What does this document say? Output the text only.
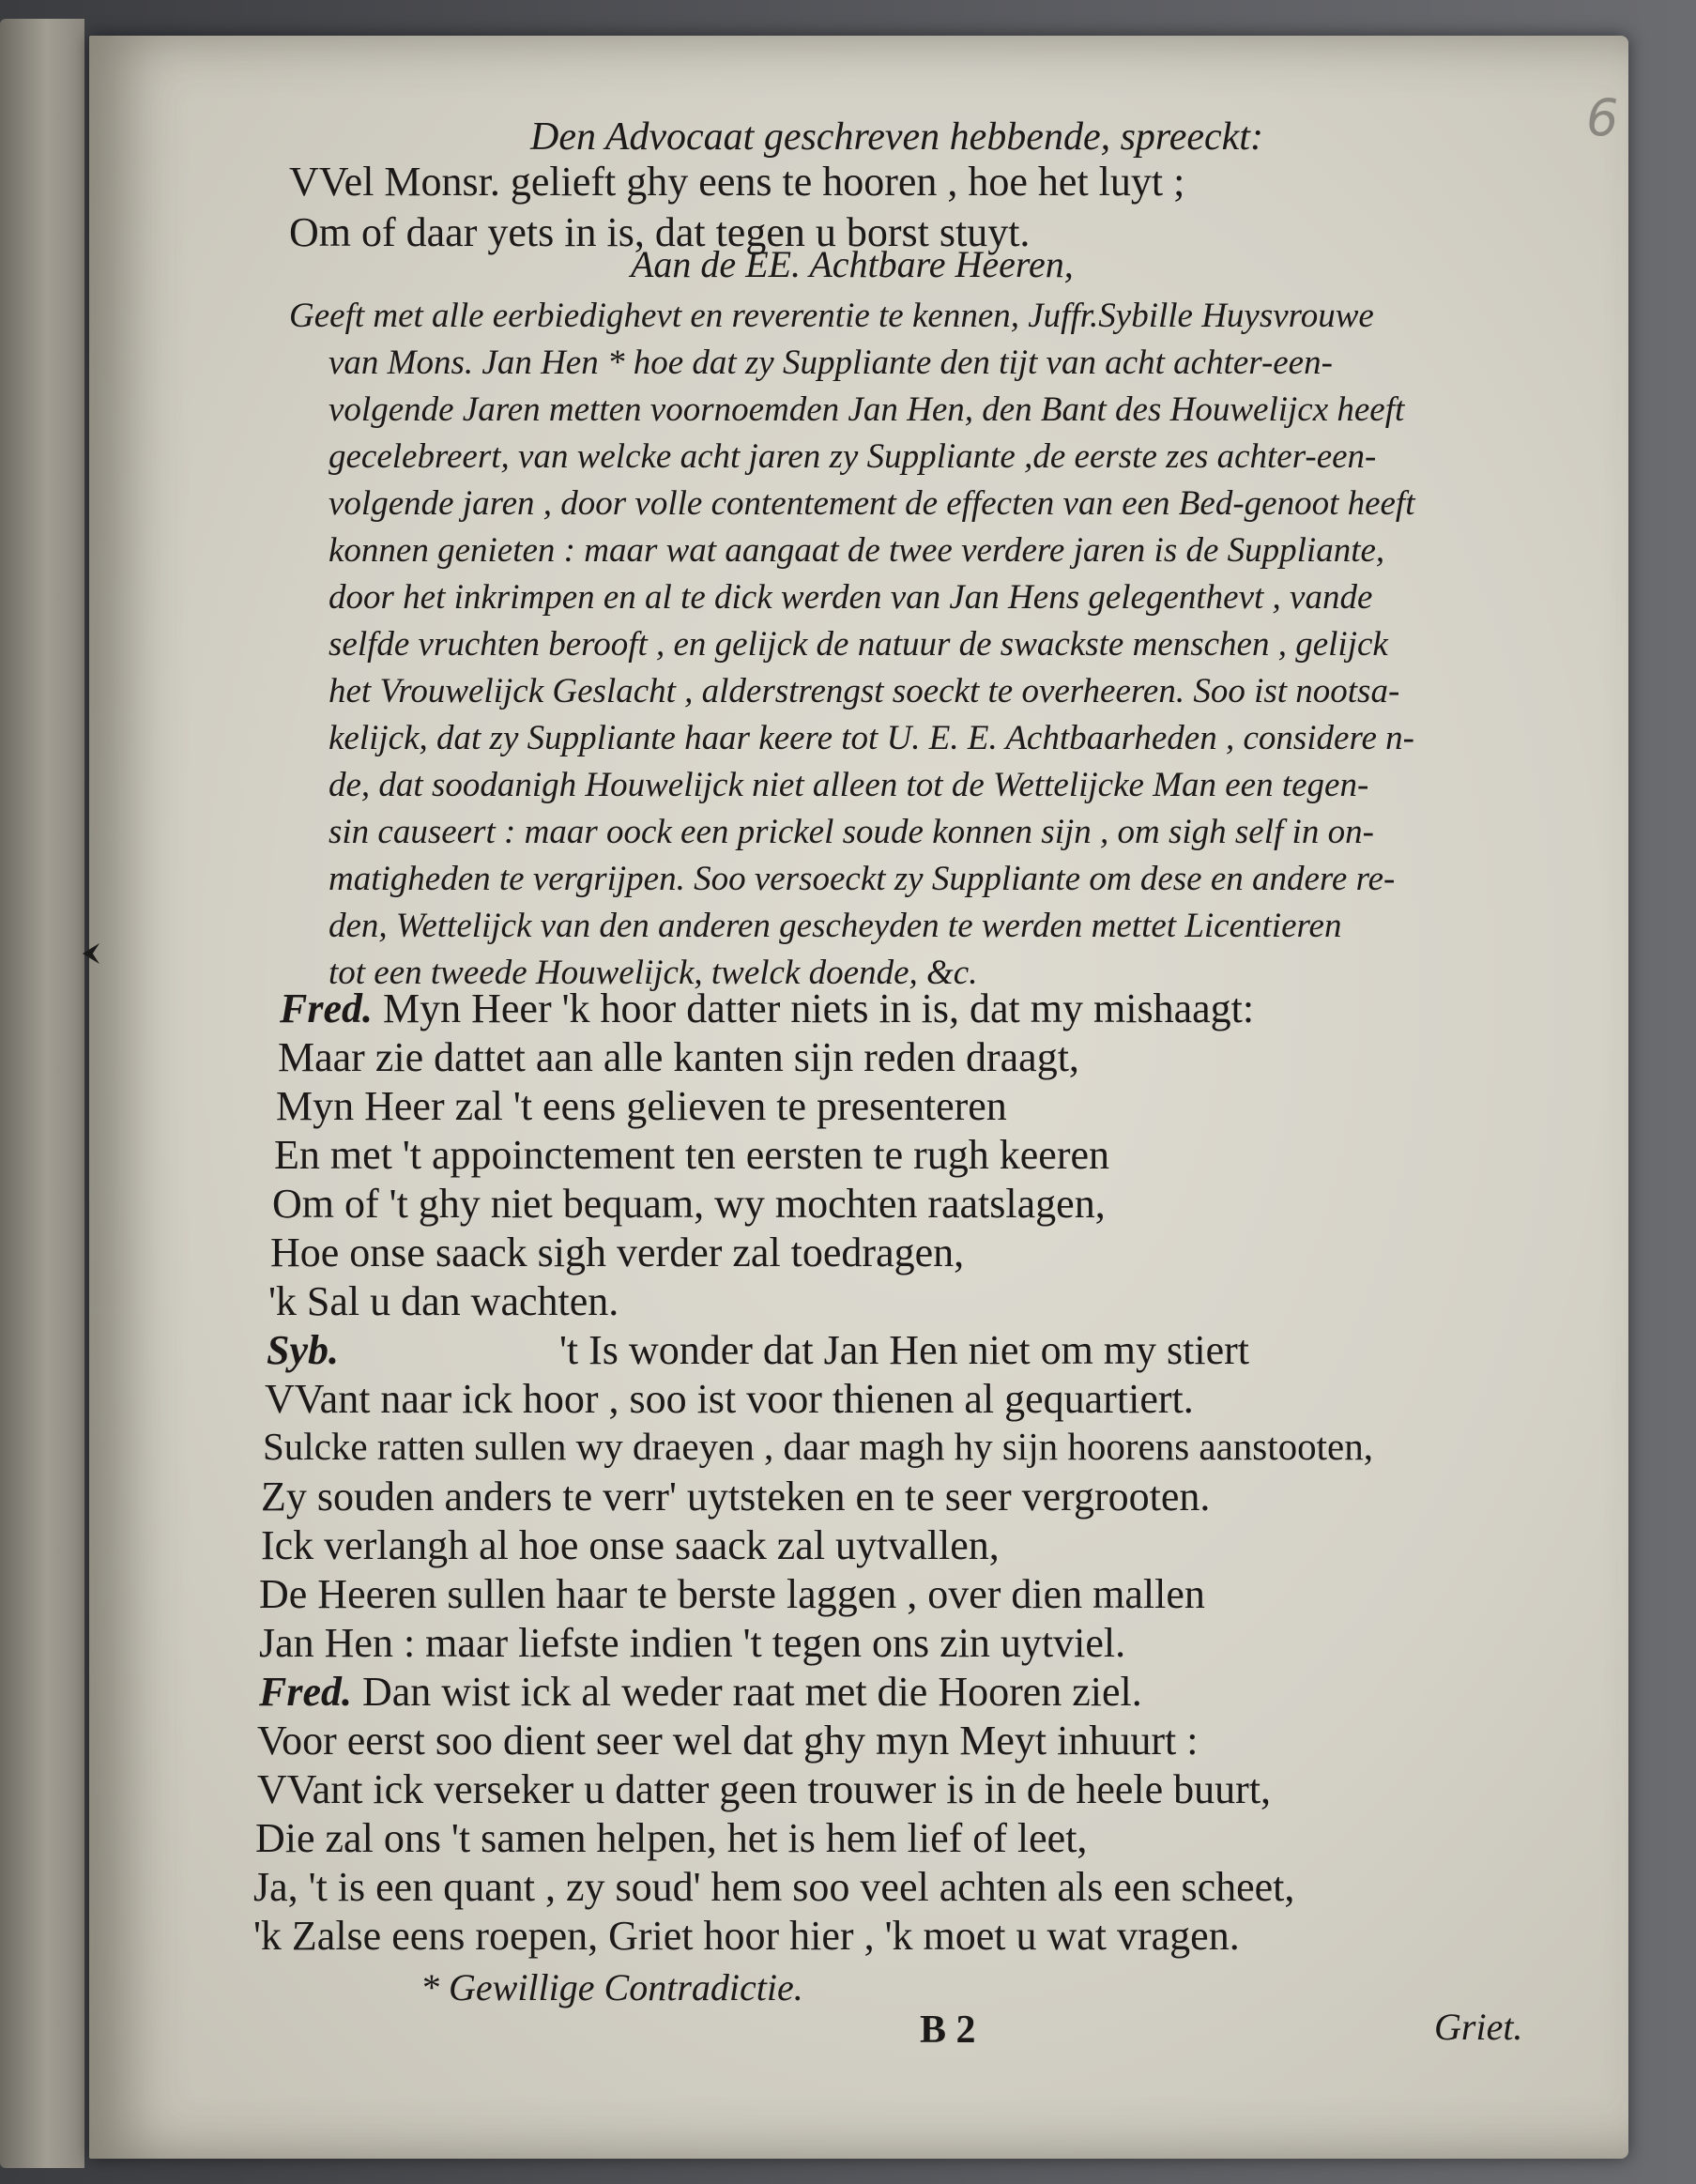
6
Den Advocaat geschreven hebbende, spreeckt:
VVel Monsr. gelieft ghy eens te hooren , hoe het luyt ;
Om of daar yets in is, dat tegen u borst stuyt.
Aan de EE. Achtbare Heeren,
Geeft met alle eerbiedighevt en reverentie te kennen, Juffr.Sybille Huysvrouwe
van Mons. Jan Hen * hoe dat zy Suppliante den tijt van acht achter-een-
volgende Jaren metten voornoemden Jan Hen, den Bant des Houwelijcx heeft
gecelebreert, van welcke acht jaren zy Suppliante ,de eerste zes achter-een-
volgende jaren , door volle contentement de effecten van een Bed-genoot heeft
konnen genieten : maar wat aangaat de twee verdere jaren is de Suppliante,
door het inkrimpen en al te dick werden van Jan Hens gelegenthevt , vande
selfde vruchten berooft , en gelijck de natuur de swackste menschen , gelijck
het Vrouwelijck Geslacht , alderstrengst soeckt te overheeren. Soo ist nootsa-
kelijck, dat zy Suppliante haar keere tot U. E. E. Achtbaarheden , considere n-
de, dat soodanigh Houwelijck niet alleen tot de Wettelijcke Man een tegen-
sin causeert : maar oock een prickel soude konnen sijn , om sigh self in on-
matigheden te vergrijpen. Soo versoeckt zy Suppliante om dese en andere re-
den, Wettelijck van den anderen gescheyden te werden mettet Licentieren
tot een tweede Houwelijck, twelck doende, &c.
Fred. Myn Heer 'k hoor datter niets in is, dat my mishaagt:
Maar zie dattet aan alle kanten sijn reden draagt,
Myn Heer zal 't eens gelieven te presenteren
En met 't appoinctement ten eersten te rugh keeren
Om of 't ghy niet bequam, wy mochten raatslagen,
Hoe onse saack sigh verder zal toedragen,
'k Sal u dan wachten.
Syb.	't Is wonder dat Jan Hen niet om my stiert
VVant naar ick hoor , soo ist voor thienen al gequartiert.
Sulcke ratten sullen wy draeyen , daar magh hy sijn hoorens aanstooten,
Zy souden anders te verr' uytsteken en te seer vergrooten.
Ick verlangh al hoe onse saack zal uytvallen,
De Heeren sullen haar te berste laggen , over dien mallen
Jan Hen : maar liefste indien 't tegen ons zin uytviel.
Fred. Dan wist ick al weder raat met die Hooren ziel.
Voor eerst soo dient seer wel dat ghy myn Meyt inhuurt :
VVant ick verseker u datter geen trouwer is in de heele buurt,
Die zal ons 't samen helpen, het is hem lief of leet,
Ja, 't is een quant , zy soud' hem soo veel achten als een scheet,
'k Zalse eens roepen, Griet hoor hier , 'k moet u wat vragen.
* Gewillige Contradictie.
B 2	Griet.
